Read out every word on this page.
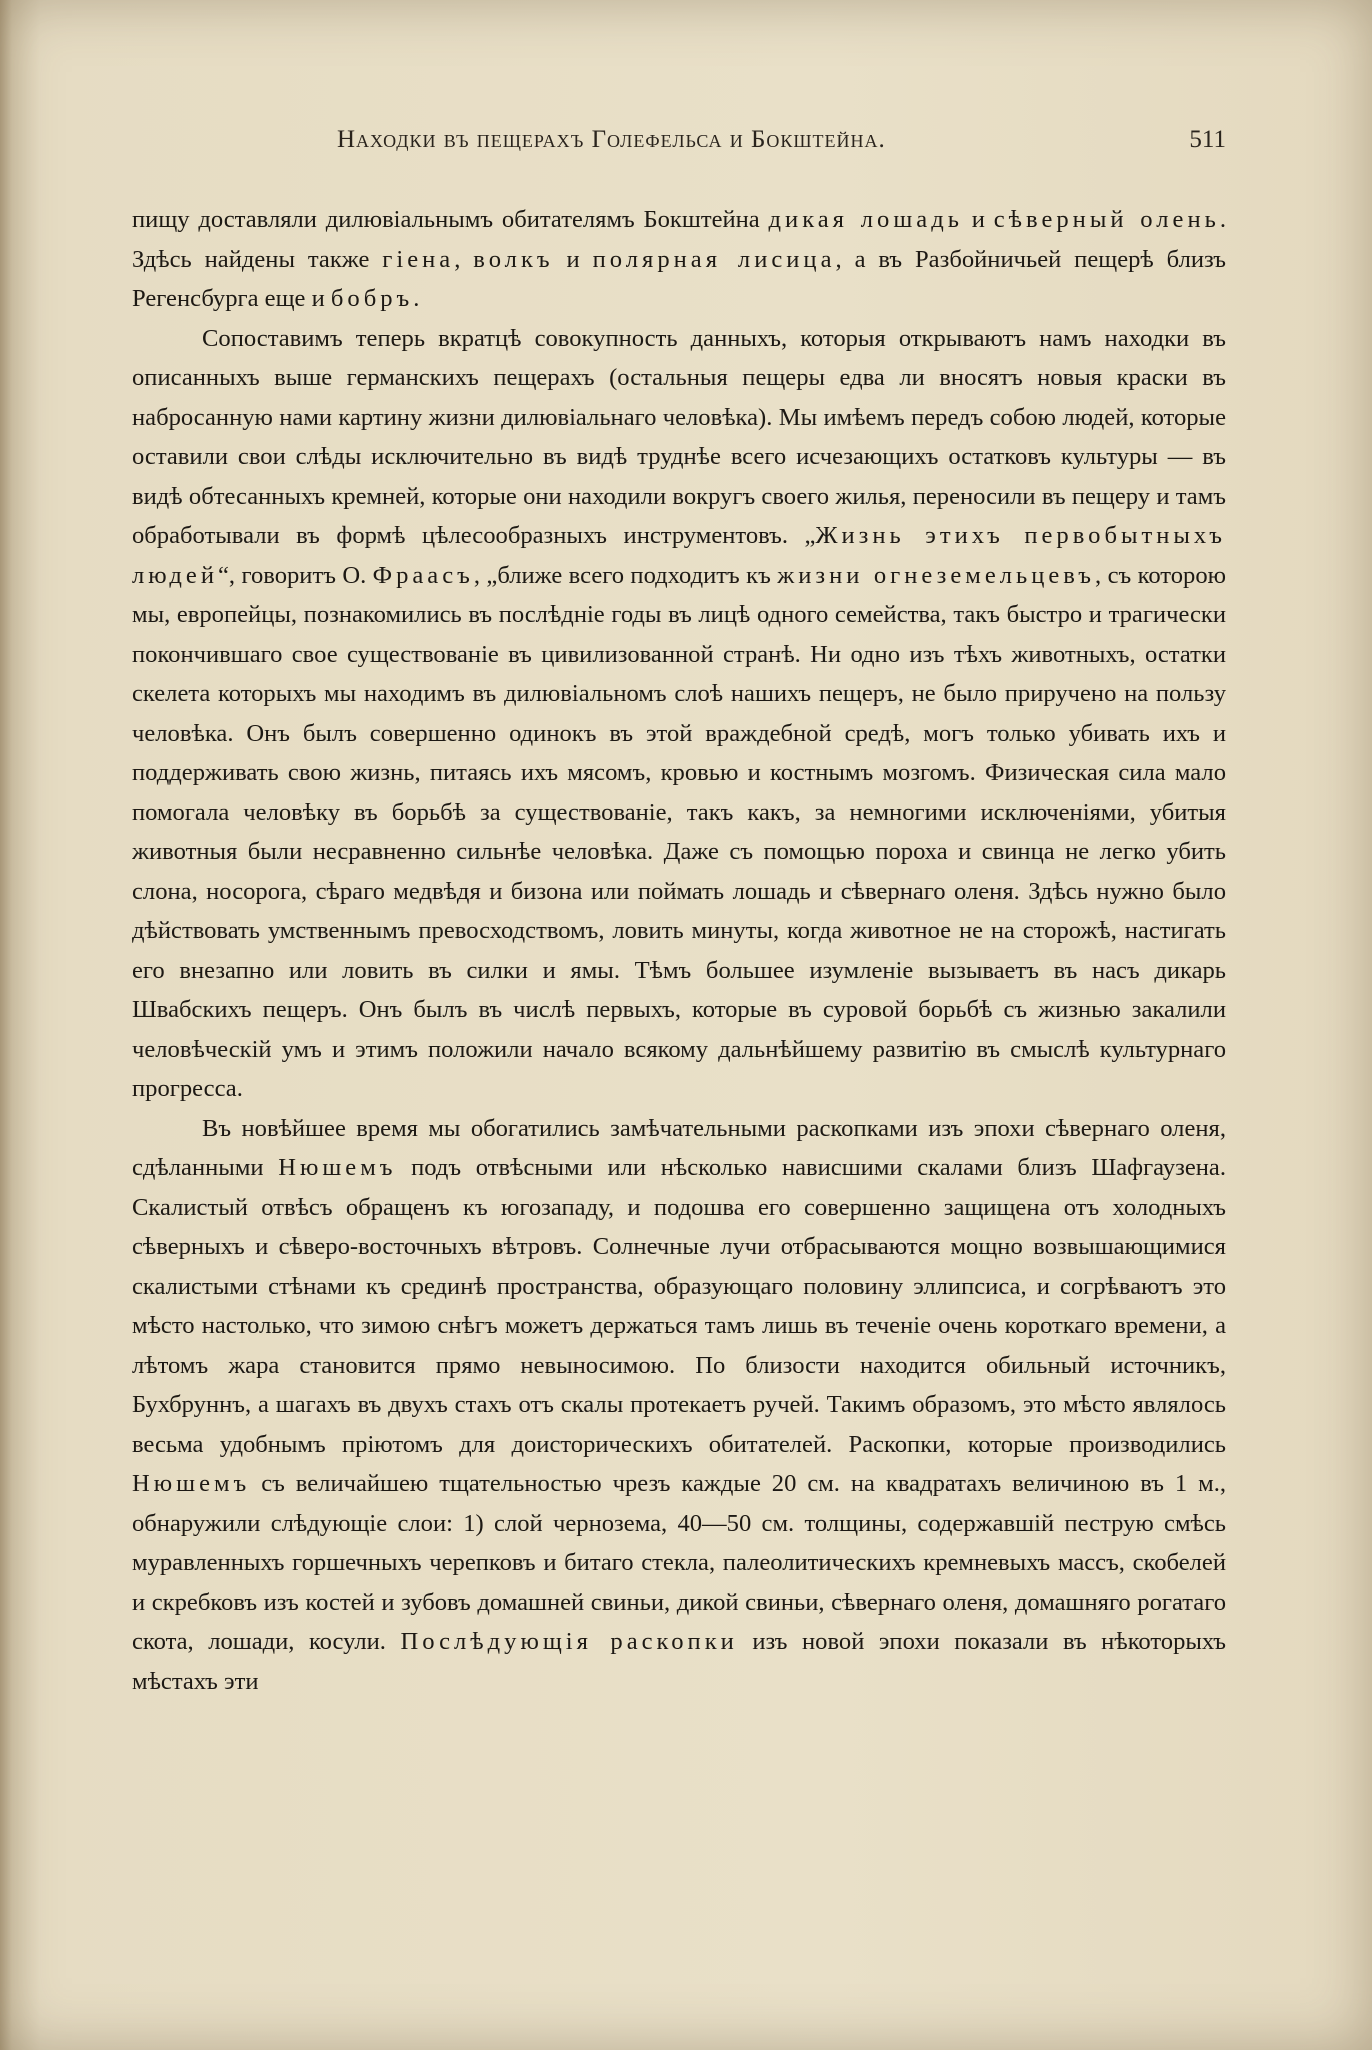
Находки въ пещерахъ Голефельса и Бокштейна.	511

пищу доставляли дилювіальнымъ обитателямъ Бокштейна дикая лошадь и сѣверный олень. Здѣсь найдены также гіена, волкъ и полярная лисица, а въ Разбойничьей пещерѣ близъ Регенсбурга еще и бобръ.

Сопоставимъ теперь вкратцѣ совокупность данныхъ, которыя открываютъ намъ находки въ описанныхъ выше германскихъ пещерахъ (остальныя пещеры едва ли вносятъ новыя краски въ набросанную нами картину жизни дилювіальнаго человѣка). Мы имѣемъ передъ собою людей, которые оставили свои слѣды исключительно въ видѣ труднѣе всего исчезающихъ остатковъ культуры — въ видѣ обтесанныхъ кремней, которые они находили вокругъ своего жилья, переносили въ пещеру и тамъ обработывали въ формѣ цѣлесообразныхъ инструментовъ. „Жизнь этихъ первобытныхъ людей“, говоритъ О. Фраасъ, „ближе всего подходитъ къ жизни огнеземельцевъ, съ которою мы, европейцы, познакомились въ послѣдніе годы въ лицѣ одного семейства, такъ быстро и трагически покончившаго свое существованіе въ цивилизованной странѣ. Ни одно изъ тѣхъ животныхъ, остатки скелета которыхъ мы находимъ въ дилювіальномъ слоѣ нашихъ пещеръ, не было приручено на пользу человѣка. Онъ былъ совершенно одинокъ въ этой враждебной средѣ, могъ только убивать ихъ и поддерживать свою жизнь, питаясь ихъ мясомъ, кровью и костнымъ мозгомъ. Физическая сила мало помогала человѣку въ борьбѣ за существованіе, такъ какъ, за немногими исключеніями, убитыя животныя были несравненно сильнѣе человѣка. Даже съ помощью пороха и свинца не легко убить слона, носорога, сѣраго медвѣдя и бизона или поймать лошадь и сѣвернаго оленя. Здѣсь нужно было дѣйствовать умственнымъ превосходствомъ, ловить минуты, когда животное не на сторожѣ, настигать его внезапно или ловить въ силки и ямы. Тѣмъ большее изумленіе вызываетъ въ насъ дикарь Швабскихъ пещеръ. Онъ былъ въ числѣ первыхъ, которые въ суровой борьбѣ съ жизнью закалили человѣческій умъ и этимъ положили начало всякому дальнѣйшему развитію въ смыслѣ культурнаго прогресса.

Въ новѣйшее время мы обогатились замѣчательными раскопками изъ эпохи сѣвернаго оленя, сдѣланными Нюшемъ подъ отвѣсными или нѣсколько нависшими скалами близъ Шафгаузена. Скалистый отвѣсъ обращенъ къ югозападу, и подошва его совершенно защищена отъ холодныхъ сѣверныхъ и сѣверо-восточныхъ вѣтровъ. Солнечные лучи отбрасываются мощно возвышающимися скалистыми стѣнами къ срединѣ пространства, образующаго половину эллипсиса, и согрѣваютъ это мѣсто настолько, что зимою снѣгъ можетъ держаться тамъ лишь въ теченіе очень короткаго времени, а лѣтомъ жара становится прямо невыносимою. По близости находится обильный источникъ, Бухбруннъ, а шагахъ въ двухъ стахъ отъ скалы протекаетъ ручей. Такимъ образомъ, это мѣсто являлось весьма удобнымъ пріютомъ для доисторическихъ обитателей. Раскопки, которые производились Нюшемъ съ величайшею тщательностью чрезъ каждые 20 см. на квадратахъ величиною въ 1 м., обнаружили слѣдующіе слои: 1) слой чернозема, 40—50 см. толщины, содержавшій пеструю смѣсь муравленныхъ горшечныхъ черепковъ и битаго стекла, палеолитическихъ кремневыхъ массъ, скобелей и скребковъ изъ костей и зубовъ домашней свиньи, дикой свиньи, сѣвернаго оленя, домашняго рогатаго скота, лошади, косули. Послѣдующія раскопки изъ новой эпохи показали въ нѣкоторыхъ мѣстахъ эти
